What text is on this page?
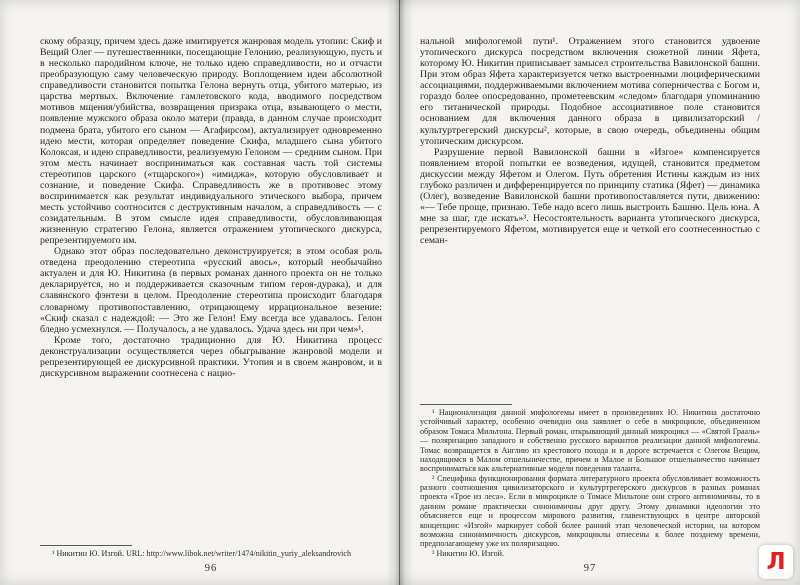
скому образцу, причем здесь даже имитируется жанровая модель утопии: Скиф и Вещий Олег — путешественники, посещающие Гелонию, реализующую, пусть и в несколько пародийном ключе, не только идею справедливости, но и отчасти преобразующую саму человеческую природу. Воплощением идеи абсолютной справедливости становится попытка Гелона вернуть отца, убитого матерью, из царства мертвых. Включение гамлетовского кода, вводимого посредством мотивов мщения/убийства, возвращения призрака отца, взывающего о мести, появление мужского образа около матери (правда, в данном случае происходит подмена брата, убитого его сыном — Агафирсом), актуализирует одновременно идею мести, которая определяет поведение Скифа, младшего сына убитого Колоксая, и идею справедливости, реализуемую Гелоном — средним сыном. При этом месть начинает восприниматься как составная часть той системы стереотипов царского («тщарского») «имиджа», которую обусловливает и сознание, и поведение Скифа. Справедливость же в противовес этому воспринимается как результат индивидуального этического выбора, причем месть устойчиво соотносится с деструктивным началом, а справедливость — с созидательным. В этом смысле идея справедливости, обусловливающая жизненную стратегию Гелона, является отражением утопического дискурса, репрезентируемого им.

Однако этот образ последовательно деконструируется; в этом особая роль отведена преодолению стереотипа «русский авось», который необычайно актуален и для Ю. Никитина (в первых романах данного проекта он не только декларируется, но и поддерживается сказочным типом героя-дурака), и для славянского фэнтези в целом. Преодоление стереотипа происходит благодаря словарному противопоставлению, отрицающему иррациональное везение: «Скиф сказал с надеждой: — Это же Гелон! Ему всегда все удавалось. Гелон бледно усмехнулся. — Получалось, а не удавалось. Удача здесь ни при чем»¹.

Кроме того, достаточно традиционно для Ю. Никитина процесс деконструализации осуществляется через обыгрывание жанровой модели и репрезентирующей ее дискурсивной практики. Утопия и в своем жанровом, и в дискурсивном выражении соотнесена с нацио-

¹ Никитин Ю. Изгой. URL: http://www.libok.net/writer/1474/nikitin_yuriy_aleksandrovich

96

нальной мифологемой пути¹. Отражением этого становится удвоение утопического дискурса посредством включения сюжетной линии Яфета, которому Ю. Никитин приписывает замысел строительства Вавилонской башни. При этом образ Яфета характеризуется четко выстроенными люциферическими ассоциациями, поддерживаемыми включением мотива соперничества с Богом и, гораздо более опосредованно, прометеевским «следом» благодаря упоминанию его титанической природы. Подобное ассоциативное поле становится основанием для включения данного образа в цивилизаторский / культуртрегерский дискурсы², которые, в свою очередь, объединены общим утопическим дискурсом.

Разрушение первой Вавилонской башни в «Изгое» компенсируется появлением второй попытки ее возведения, идущей, становится предметом дискуссии между Яфетом и Олегом. Путь обретения Истины каждым из них глубоко различен и дифференцируется по принципу статика (Яфет) — динамика (Олег), возведение Вавилонской башни противопоставляется пути, движению: «— Тебе проще, признаю. Тебе надо всего лишь выстроить Башню. Цель юна. А мне за шаг, где искать»³. Несостоятельность варианта утопического дискурса, репрезентируемого Яфетом, мотивируется еще и четкой его соотнесенностью с семан-

¹ Национализация данной мифологемы имеет в произведениях Ю. Никитина достаточно устойчивый характер, особенно очевидно она заявляет о себе в микроцикле, объединенном образом Томаса Мильтона. Первый роман, открывающий данный микроцикл — «Святой Грааль» — поляризацию западного и собственно русского вариантов реализации данной мифологемы. Томас возвращается в Англию из крестового похода и в дороге встречается с Олегом Вещим, находящимся в Малом отшельничестве, причем и Малое и Большое отшельничество начинает восприниматься как альтернативные модели поведения таланта.

² Специфика функционирования формата литературного проекта обусловливает возможность разного соотношения цивилизаторского и культуртрегерского дискурсов в разных романах проекта «Трое из леса». Если в микроцикле о Томасе Мильтоне они строго антиномичны, то в данном романе практически синонимичны друг другу. Этому динамики идеологии это объясняется еще и процессом мирового развития, главенствующих в центре авторской концепции: «Изгой» маркирует собой более ранний этап человеческой истории, на котором возможна синонимичность дискурсов, микроциклы отнесены к более позднему времени, предполагающему уже их поляризацию.

³ Никитин Ю. Изгой.

97	Л
